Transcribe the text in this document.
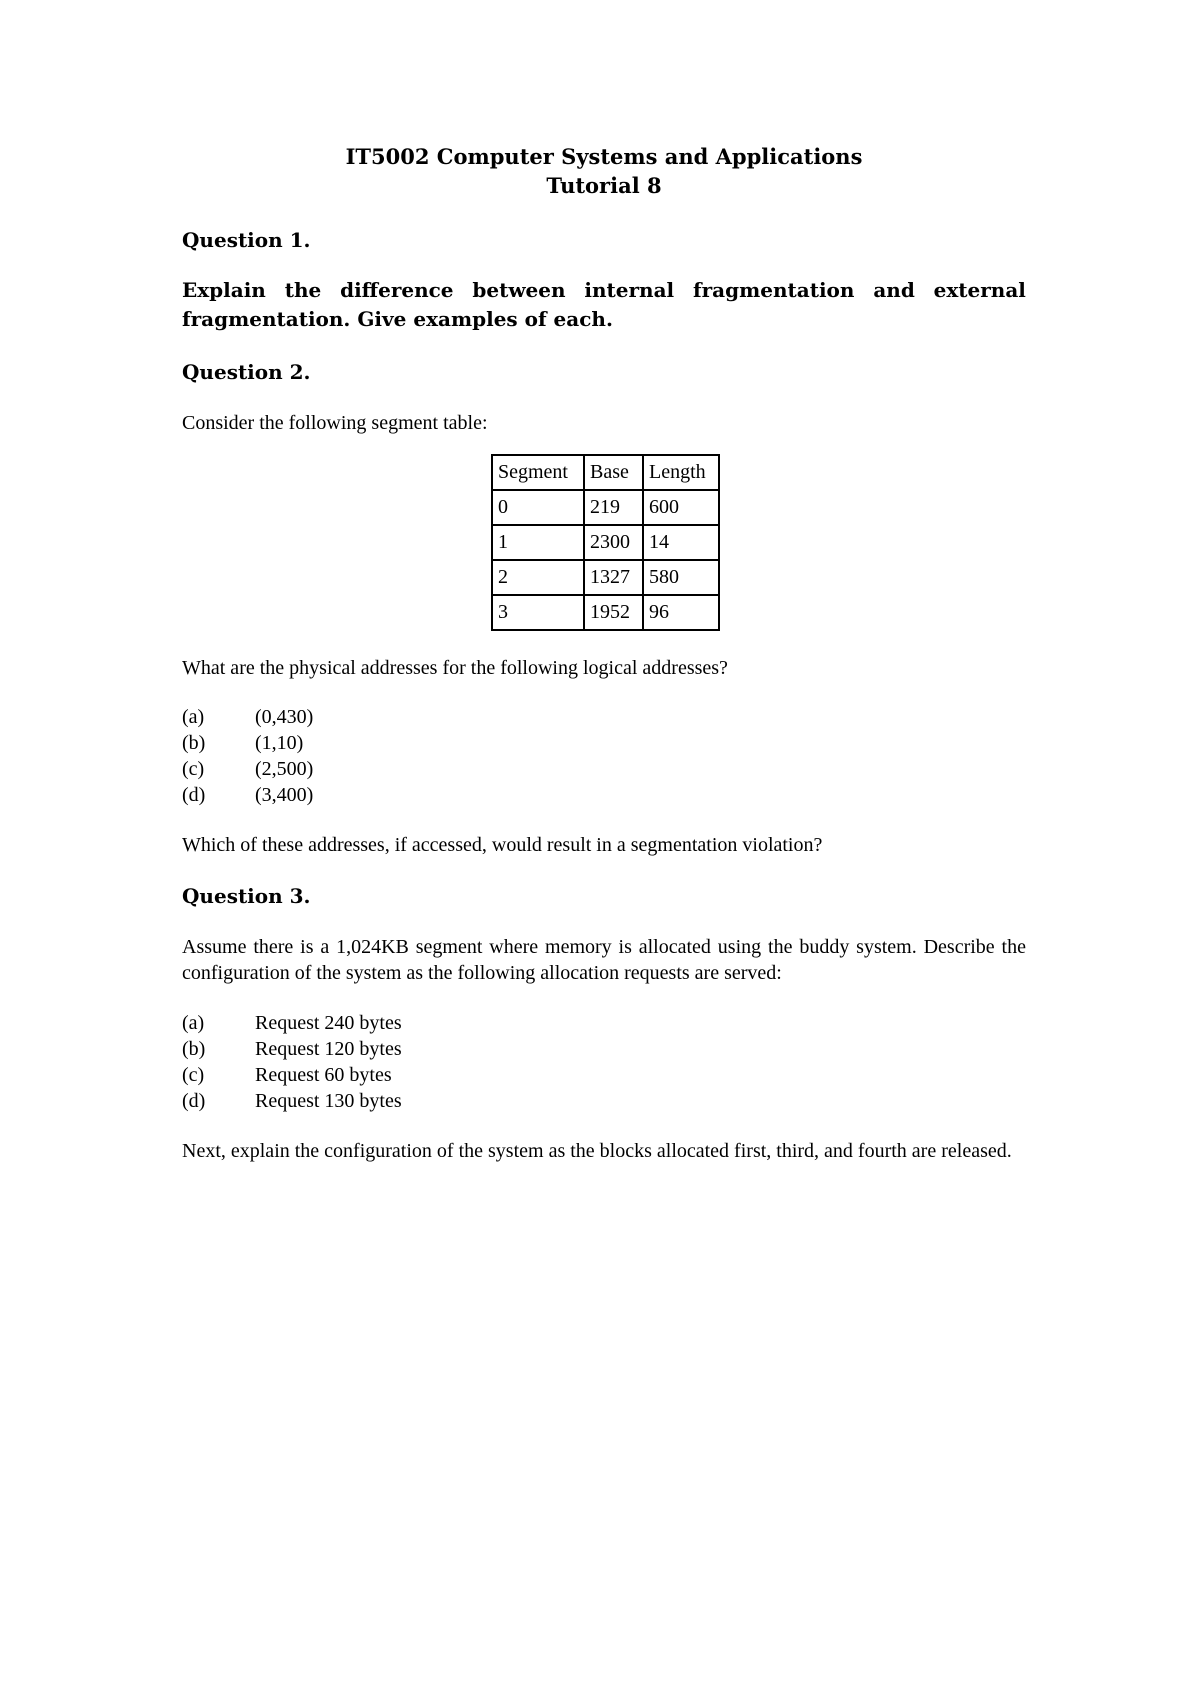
IT5002 Computer Systems and Applications

Tutorial 8

Question 1.

Explain the difference between internal fragmentation and external

fragmentation. Give examples of each.

Question 2.

Consider the following segment table:

Segment	Base	Length
0	219	600
1	2300	14
2	1327	580
3	1952	96

What are the physical addresses for the following logical addresses?

(a)	(0,430)
(b)	(1,10)
(c)	(2,500)
(d)	(3,400)

Which of these addresses, if accessed, would result in a segmentation violation?

Question 3.

Assume there is a 1,024KB segment where memory is allocated using the buddy system. Describe the configuration of the system as the following allocation requests are served:

(a)	Request 240 bytes
(b)	Request 120 bytes
(c)	Request 60 bytes
(d)	Request 130 bytes

Next, explain the configuration of the system as the blocks allocated first, third, and fourth are released.
